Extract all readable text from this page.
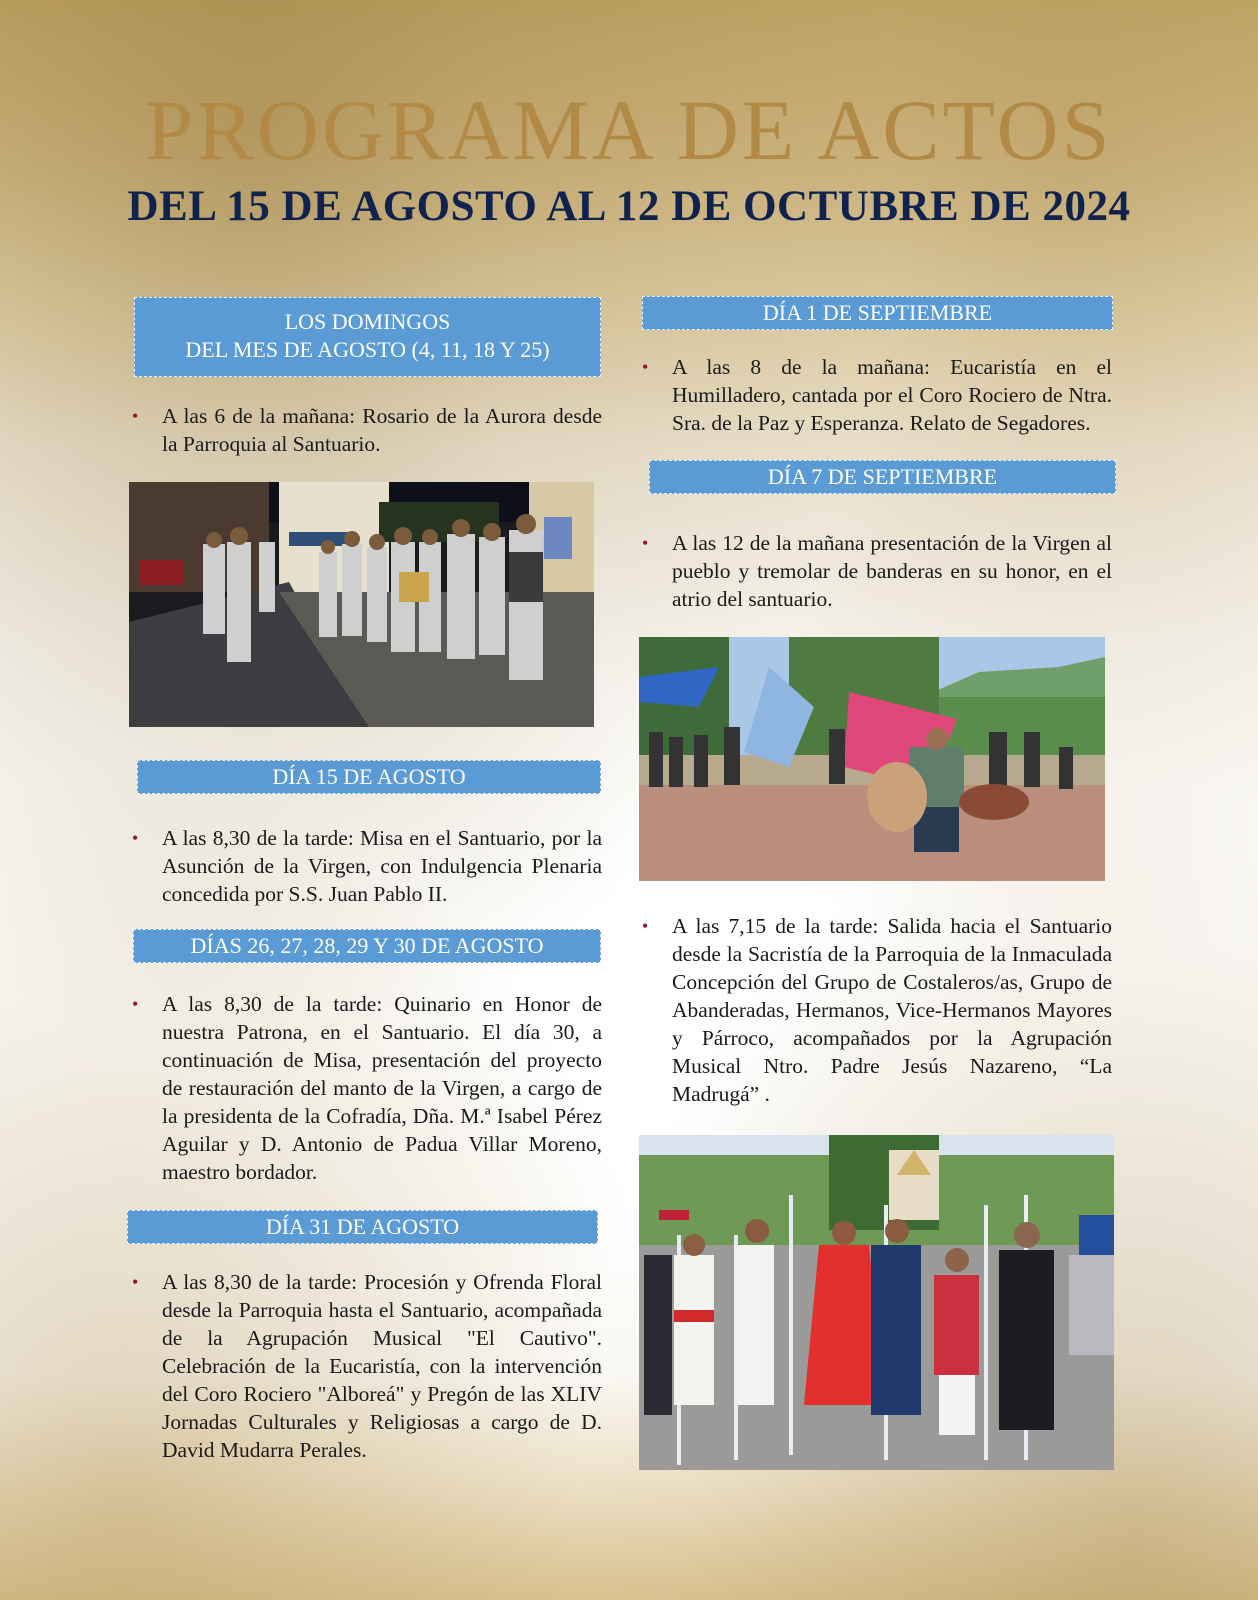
PROGRAMA DE ACTOS
DEL 15 DE AGOSTO AL 12 DE OCTUBRE DE 2024
LOS DOMINGOS
DEL MES DE AGOSTO (4, 11, 18 Y 25)
• A las 6 de la mañana: Rosario de la Aurora desde la Parroquia al Santuario.
DÍA 15 DE AGOSTO
• A las 8,30 de la tarde: Misa en el Santuario, por la Asunción de la Virgen, con Indulgencia Plenaria concedida por S.S. Juan Pablo II.
DÍAS 26, 27, 28, 29 Y 30 DE AGOSTO
• A las 8,30 de la tarde: Quinario en Honor de nuestra Patrona, en el Santuario. El día 30, a continuación de Misa, presentación del proyecto de restauración del manto de la Virgen, a cargo de la presidenta de la Cofradía, Dña. M.ª Isabel Pérez Aguilar y D. Antonio de Padua Villar Moreno, maestro bordador.
DÍA 31 DE AGOSTO
• A las 8,30 de la tarde: Procesión y Ofrenda Floral desde la Parroquia hasta el Santuario, acompañada de la Agrupación Musical "El Cautivo". Celebración de la Eucaristía, con la intervención del Coro Rociero "Alboreá" y Pregón de las XLIV Jornadas Culturales y Religiosas a cargo de D. David Mudarra Perales.
DÍA 1 DE SEPTIEMBRE
• A las 8 de la mañana: Eucaristía en el Humilladero, cantada por el Coro Rociero de Ntra. Sra. de la Paz y Esperanza. Relato de Segadores.
DÍA 7 DE SEPTIEMBRE
• A las 12 de la mañana presentación de la Virgen al pueblo y tremolar de banderas en su honor, en el atrio del santuario.
• A las 7,15 de la tarde: Salida hacia el Santuario desde la Sacristía de la Parroquia de la Inmaculada Concepción del Grupo de Costaleros/as, Grupo de Abanderadas, Hermanos, Vice-Hermanos Mayores y Párroco, acompañados por la Agrupación Musical Ntro. Padre Jesús Nazareno, “La Madrugá” .
